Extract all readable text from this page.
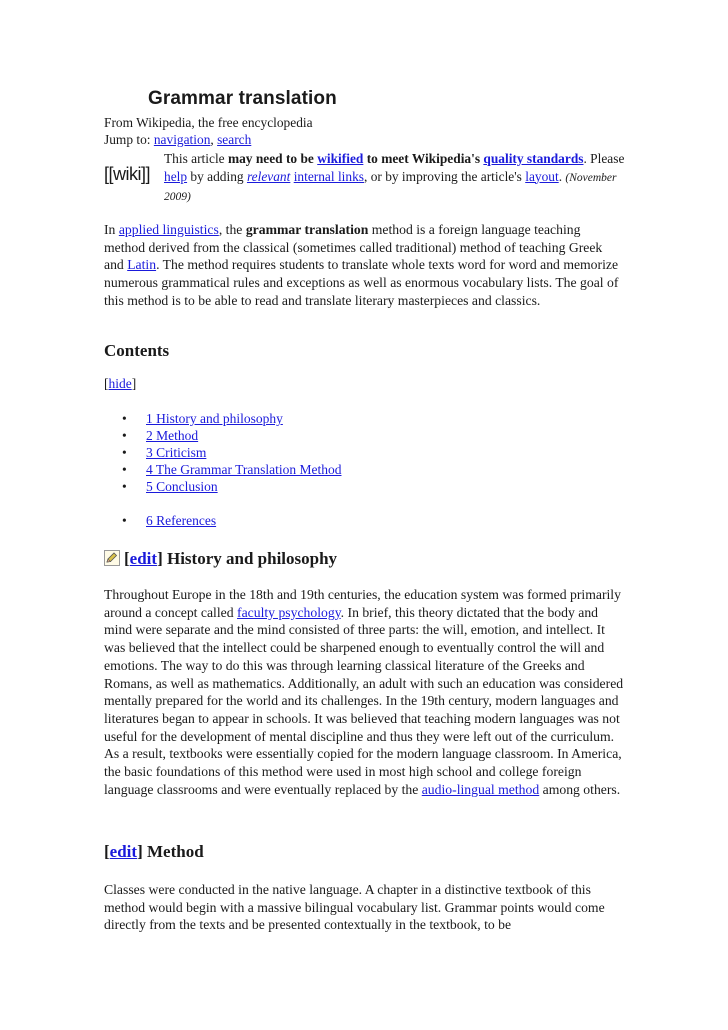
Grammar translation
From Wikipedia, the free encyclopedia
Jump to: navigation, search
[[wiki]]
This article may need to be wikified to meet Wikipedia's quality standards. Please help by adding relevant internal links, or by improving the article's layout. (November 2009)

In applied linguistics, the grammar translation method is a foreign language teaching method derived from the classical (sometimes called traditional) method of teaching Greek and Latin. The method requires students to translate whole texts word for word and memorize numerous grammatical rules and exceptions as well as enormous vocabulary lists. The goal of this method is to be able to read and translate literary masterpieces and classics.

Contents
[hide]
• 1 History and philosophy
• 2 Method
• 3 Criticism
• 4 The Grammar Translation Method
• 5 Conclusion
• 6 References
[edit] History and philosophy

Throughout Europe in the 18th and 19th centuries, the education system was formed primarily around a concept called faculty psychology. In brief, this theory dictated that the body and mind were separate and the mind consisted of three parts: the will, emotion, and intellect. It was believed that the intellect could be sharpened enough to eventually control the will and emotions. The way to do this was through learning classical literature of the Greeks and Romans, as well as mathematics. Additionally, an adult with such an education was considered mentally prepared for the world and its challenges. In the 19th century, modern languages and literatures began to appear in schools. It was believed that teaching modern languages was not useful for the development of mental discipline and thus they were left out of the curriculum. As a result, textbooks were essentially copied for the modern language classroom. In America, the basic foundations of this method were used in most high school and college foreign language classrooms and were eventually replaced by the audio-lingual method among others.

[edit] Method

Classes were conducted in the native language. A chapter in a distinctive textbook of this method would begin with a massive bilingual vocabulary list. Grammar points would come directly from the texts and be presented contextually in the textbook, to be
